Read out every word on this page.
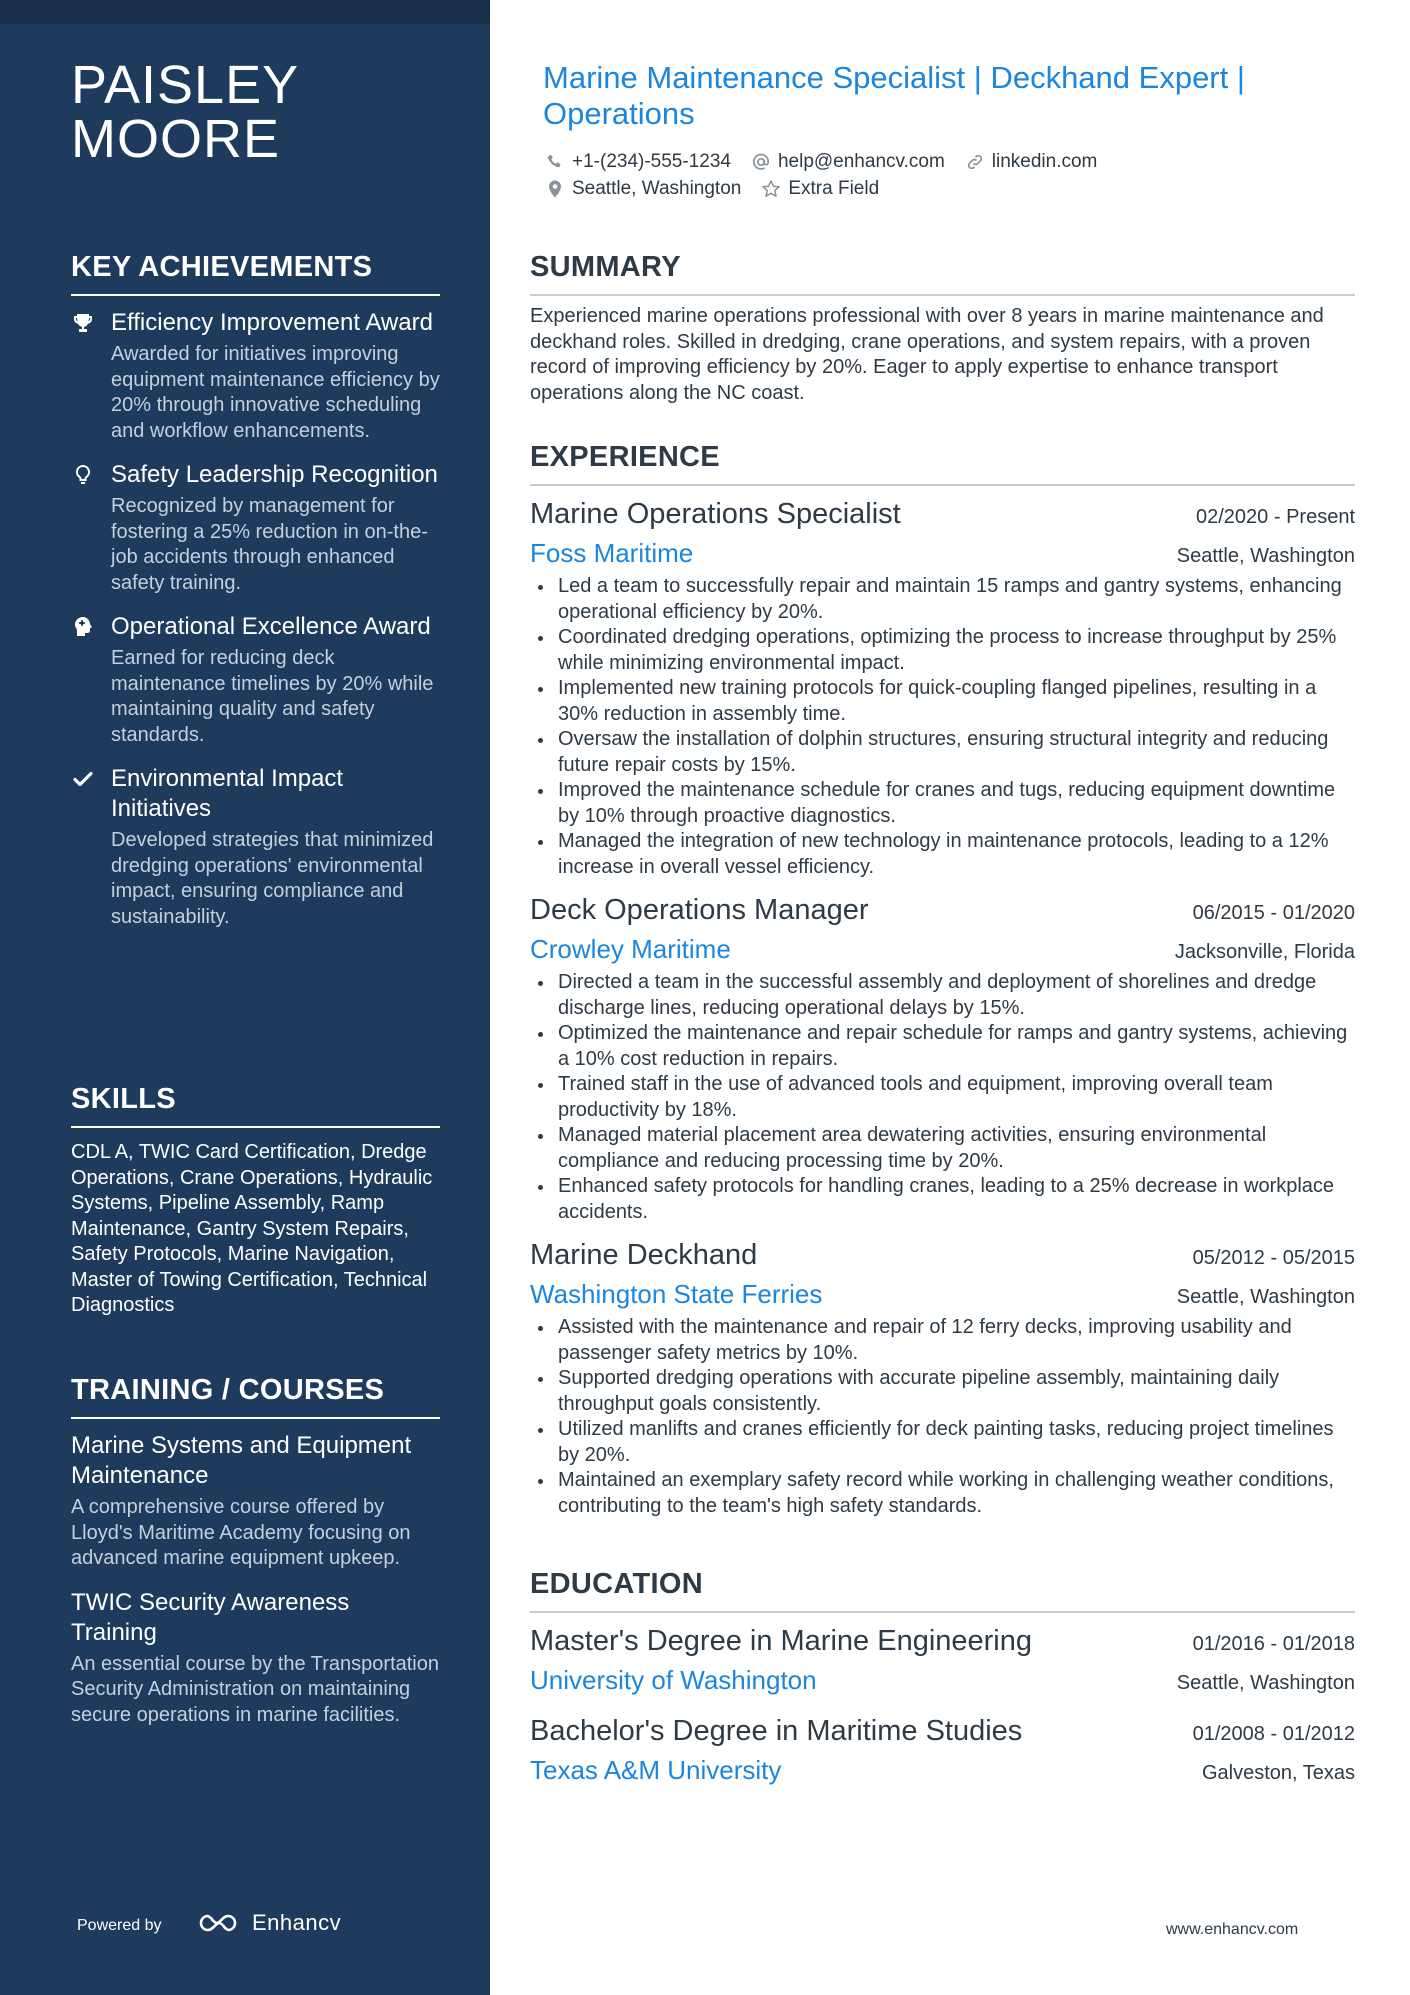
PAISLEY
MOORE
KEY ACHIEVEMENTS
Efficiency Improvement Award
Awarded for initiatives improving equipment maintenance efficiency by 20% through innovative scheduling and workflow enhancements.
Safety Leadership Recognition
Recognized by management for fostering a 25% reduction in on-the-job accidents through enhanced safety training.
Operational Excellence Award
Earned for reducing deck maintenance timelines by 20% while maintaining quality and safety standards.
Environmental Impact Initiatives
Developed strategies that minimized dredging operations' environmental impact, ensuring compliance and sustainability.
SKILLS
CDL A, TWIC Card Certification, Dredge Operations, Crane Operations, Hydraulic Systems, Pipeline Assembly, Ramp Maintenance, Gantry System Repairs, Safety Protocols, Marine Navigation, Master of Towing Certification, Technical Diagnostics
TRAINING / COURSES
Marine Systems and Equipment Maintenance
A comprehensive course offered by Lloyd's Maritime Academy focusing on advanced marine equipment upkeep.
TWIC Security Awareness Training
An essential course by the Transportation Security Administration on maintaining secure operations in marine facilities.
Powered by	Enhancv
Marine Maintenance Specialist | Deckhand Expert | Operations
+1-(234)-555-1234 help@enhancv.com linkedin.com
Seattle, Washington Extra Field
SUMMARY

Experienced marine operations professional with over 8 years in marine maintenance and deckhand roles. Skilled in dredging, crane operations, and system repairs, with a proven record of improving efficiency by 20%. Eager to apply expertise to enhance transport operations along the NC coast.

EXPERIENCE
Marine Operations Specialist	02/2020 - Present
Foss Maritime	Seattle, Washington
Led a team to successfully repair and maintain 15 ramps and gantry systems, enhancing operational efficiency by 20%.
Coordinated dredging operations, optimizing the process to increase throughput by 25% while minimizing environmental impact.
Implemented new training protocols for quick-coupling flanged pipelines, resulting in a 30% reduction in assembly time.
Oversaw the installation of dolphin structures, ensuring structural integrity and reducing future repair costs by 15%.
Improved the maintenance schedule for cranes and tugs, reducing equipment downtime by 10% through proactive diagnostics.
Managed the integration of new technology in maintenance protocols, leading to a 12% increase in overall vessel efficiency.
Deck Operations Manager	06/2015 - 01/2020
Crowley Maritime	Jacksonville, Florida
Directed a team in the successful assembly and deployment of shorelines and dredge discharge lines, reducing operational delays by 15%.
Optimized the maintenance and repair schedule for ramps and gantry systems, achieving a 10% cost reduction in repairs.
Trained staff in the use of advanced tools and equipment, improving overall team productivity by 18%.
Managed material placement area dewatering activities, ensuring environmental compliance and reducing processing time by 20%.
Enhanced safety protocols for handling cranes, leading to a 25% decrease in workplace accidents.
Marine Deckhand	05/2012 - 05/2015
Washington State Ferries	Seattle, Washington
Assisted with the maintenance and repair of 12 ferry decks, improving usability and passenger safety metrics by 10%.
Supported dredging operations with accurate pipeline assembly, maintaining daily throughput goals consistently.
Utilized manlifts and cranes efficiently for deck painting tasks, reducing project timelines by 20%.
Maintained an exemplary safety record while working in challenging weather conditions, contributing to the team's high safety standards.
EDUCATION
Master's Degree in Marine Engineering	01/2016 - 01/2018
University of Washington	Seattle, Washington
Bachelor's Degree in Maritime Studies	01/2008 - 01/2012
Texas A&M University	Galveston, Texas
www.enhancv.com
